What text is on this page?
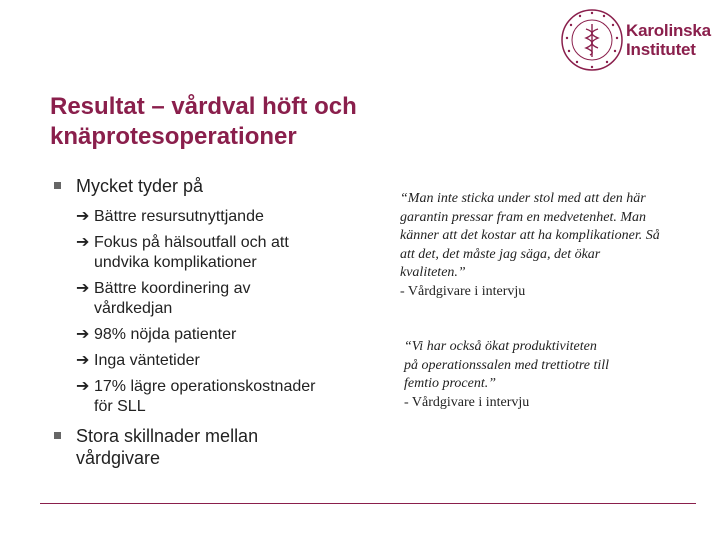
Karolinska
Institutet
Resultat – vårdval höft och
knäprotesoperationer
Mycket tyder på
➔ Bättre resursutnyttjande
➔ Fokus på hälsoutfall och att
undvika komplikationer
➔ Bättre koordinering av
vårdkedjan
➔ 98% nöjda patienter
➔ Inga väntetider
➔ 17% lägre operationskostnader
för SLL
Stora skillnader mellan
vårdgivare
“Man inte sticka under stol med att den här
garantin pressar fram en medvetenhet. Man
känner att det kostar att ha komplikationer. Så
att det, det måste jag säga, det ökar
kvaliteten.”
- Vårdgivare i intervju
“Vi har också ökat produktiviteten
på operationssalen med trettiotre till
femtio procent.”
- Vårdgivare i intervju
